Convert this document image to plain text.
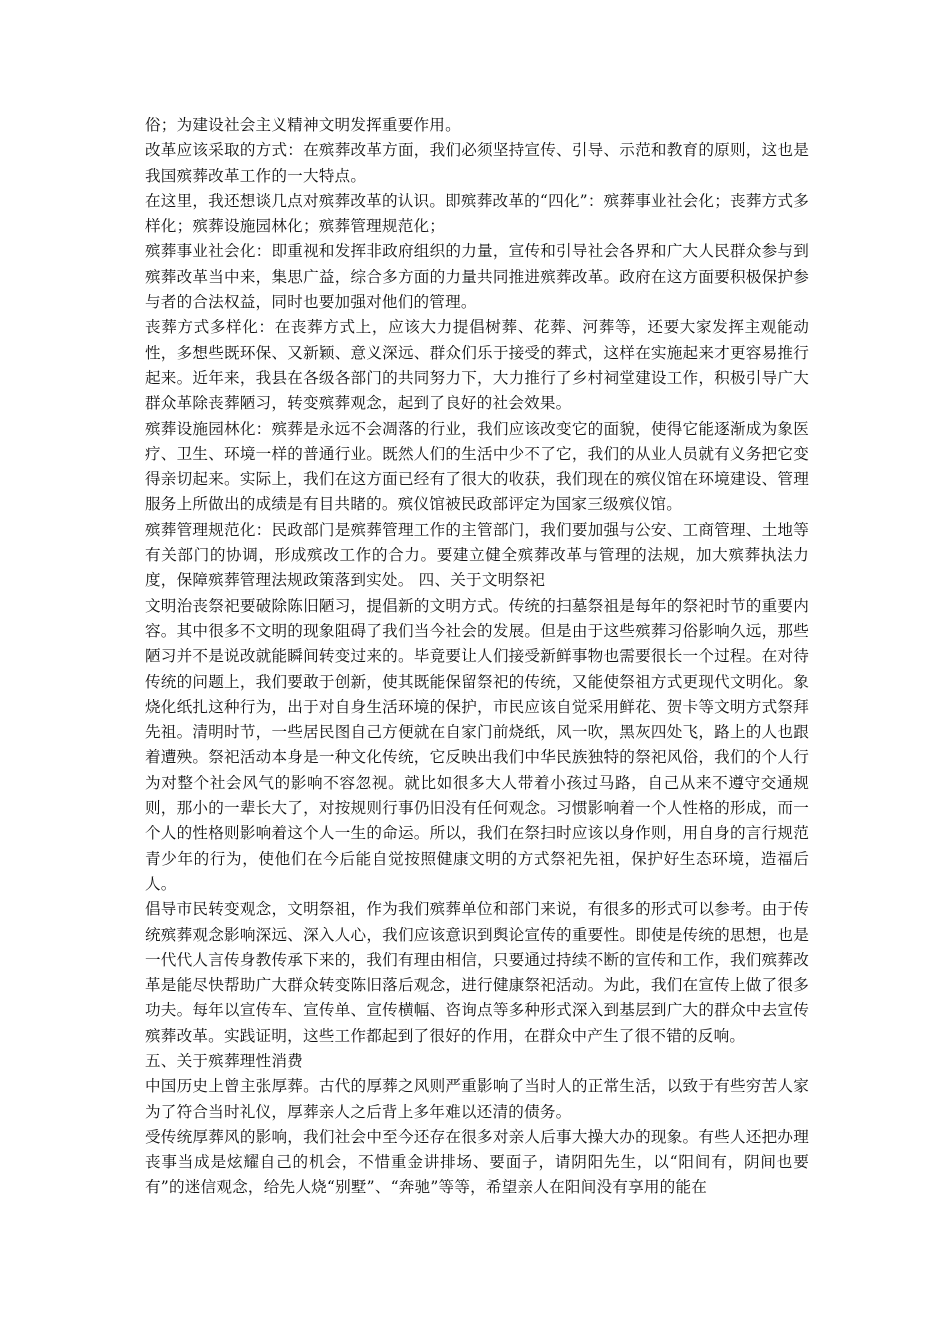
俗；为建设社会主义精神文明发挥重要作用。

改革应该采取的方式：在殡葬改革方面，我们必须坚持宣传、引导、示范和教育的原则，这也是我国殡葬改革工作的一大特点。

在这里，我还想谈几点对殡葬改革的认识。即殡葬改革的“四化”：殡葬事业社会化；丧葬方式多样化；殡葬设施园林化；殡葬管理规范化；

殡葬事业社会化：即重视和发挥非政府组织的力量，宣传和引导社会各界和广大人民群众参与到殡葬改革当中来，集思广益，综合多方面的力量共同推进殡葬改革。政府在这方面要积极保护参与者的合法权益，同时也要加强对他们的管理。

丧葬方式多样化：在丧葬方式上，应该大力提倡树葬、花葬、河葬等，还要大家发挥主观能动性，多想些既环保、又新颖、意义深远、群众们乐于接受的葬式，这样在实施起来才更容易推行起来。近年来，我县在各级各部门的共同努力下，大力推行了乡村祠堂建设工作，积极引导广大群众革除丧葬陋习，转变殡葬观念，起到了良好的社会效果。

殡葬设施园林化：殡葬是永远不会凋落的行业，我们应该改变它的面貌，使得它能逐渐成为象医疗、卫生、环境一样的普通行业。既然人们的生活中少不了它，我们的从业人员就有义务把它变得亲切起来。实际上，我们在这方面已经有了很大的收获，我们现在的殡仪馆在环境建设、管理服务上所做出的成绩是有目共睹的。殡仪馆被民政部评定为国家三级殡仪馆。

殡葬管理规范化：民政部门是殡葬管理工作的主管部门，我们要加强与公安、工商管理、土地等有关部门的协调，形成殡改工作的合力。要建立健全殡葬改革与管理的法规，加大殡葬执法力度，保障殡葬管理法规政策落到实处。 四、关于文明祭祀

文明治丧祭祀要破除陈旧陋习，提倡新的文明方式。传统的扫墓祭祖是每年的祭祀时节的重要内容。其中很多不文明的现象阻碍了我们当今社会的发展。但是由于这些殡葬习俗影响久远，那些陋习并不是说改就能瞬间转变过来的。毕竟要让人们接受新鲜事物也需要很长一个过程。在对待传统的问题上，我们要敢于创新，使其既能保留祭祀的传统，又能使祭祖方式更现代文明化。象烧化纸扎这种行为，出于对自身生活环境的保护，市民应该自觉采用鲜花、贺卡等文明方式祭拜先祖。清明时节，一些居民图自己方便就在自家门前烧纸，风一吹，黑灰四处飞，路上的人也跟着遭殃。祭祀活动本身是一种文化传统，它反映出我们中华民族独特的祭祀风俗，我们的个人行为对整个社会风气的影响不容忽视。就比如很多大人带着小孩过马路，自己从来不遵守交通规则，那小的一辈长大了，对按规则行事仍旧没有任何观念。习惯影响着一个人性格的形成，而一个人的性格则影响着这个人一生的命运。所以，我们在祭扫时应该以身作则，用自身的言行规范青少年的行为，使他们在今后能自觉按照健康文明的方式祭祀先祖，保护好生态环境，造福后人。

倡导市民转变观念，文明祭祖，作为我们殡葬单位和部门来说，有很多的形式可以参考。由于传统殡葬观念影响深远、深入人心，我们应该意识到舆论宣传的重要性。即使是传统的思想，也是一代代人言传身教传承下来的，我们有理由相信，只要通过持续不断的宣传和工作，我们殡葬改革是能尽快帮助广大群众转变陈旧落后观念，进行健康祭祀活动。为此，我们在宣传上做了很多功夫。每年以宣传车、宣传单、宣传横幅、咨询点等多种形式深入到基层到广大的群众中去宣传殡葬改革。实践证明，这些工作都起到了很好的作用，在群众中产生了很不错的反响。

五、关于殡葬理性消费

中国历史上曾主张厚葬。古代的厚葬之风则严重影响了当时人的正常生活，以致于有些穷苦人家为了符合当时礼仪，厚葬亲人之后背上多年难以还清的债务。

受传统厚葬风的影响，我们社会中至今还存在很多对亲人后事大操大办的现象。有些人还把办理丧事当成是炫耀自己的机会，不惜重金讲排场、要面子，请阴阳先生，以“阳间有，阴间也要有”的迷信观念，给先人烧“别墅”、“奔驰”等等，希望亲人在阳间没有享用的能在
